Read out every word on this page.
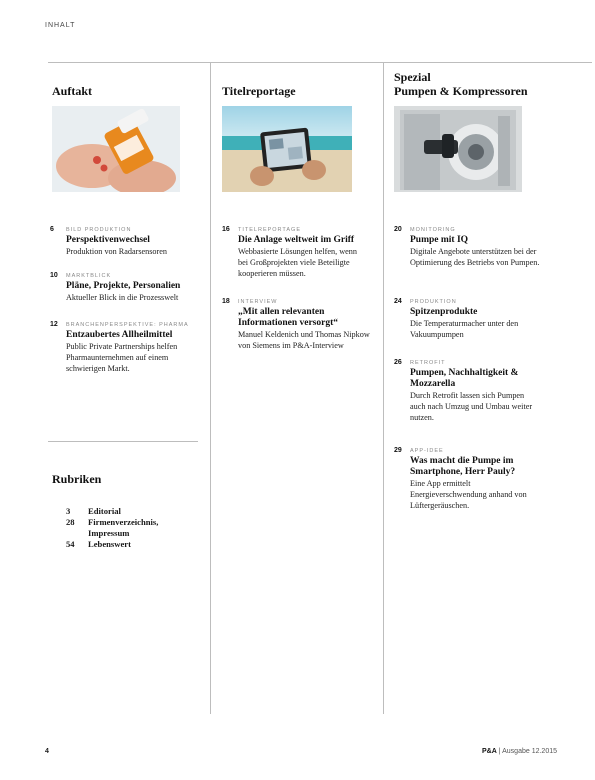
INHALT
Auftakt
6 BILD PRODUKTION
Perspektivenwechsel
Produktion von Radarsensoren
10 MARKTBLICK
Pläne, Projekte, Personalien
Aktueller Blick in die Prozesswelt
12 BRANCHENPERSPEKTIVE: PHARMA
Entzaubertes Allheilmittel
Public Private Partnerships helfen Pharmaunternehmen auf einem schwierigen Markt.
Rubriken
3	Editorial
28	Firmenverzeichnis, Impressum
54	Lebenswert
Titelreportage
16 TITELREPORTAGE
Die Anlage weltweit im Griff
Webbasierte Lösungen helfen, wenn bei Großprojekten viele Beteiligte kooperieren müssen.
18 INTERVIEW
„Mit allen relevanten Informationen versorgt“
Manuel Keldenich und Thomas Nipkow von Siemens im P&A-Interview
Spezial
Pumpen & Kompressoren
20 MONITORING
Pumpe mit IQ
Digitale Angebote unterstützen bei der Optimierung des Betriebs von Pumpen.
24 PRODUKTION
Spitzenprodukte
Die Temperaturmacher unter den Vakuumpumpen
26 RETROFIT
Pumpen, Nachhaltigkeit & Mozzarella
Durch Retrofit lassen sich Pumpen auch nach Umzug und Umbau weiter nutzen.
29 APP-IDEE
Was macht die Pumpe im Smartphone, Herr Pauly?
Eine App ermittelt Energieverschwendung anhand von Lüftergeräuschen.
4	P&A | Ausgabe 12.2015
